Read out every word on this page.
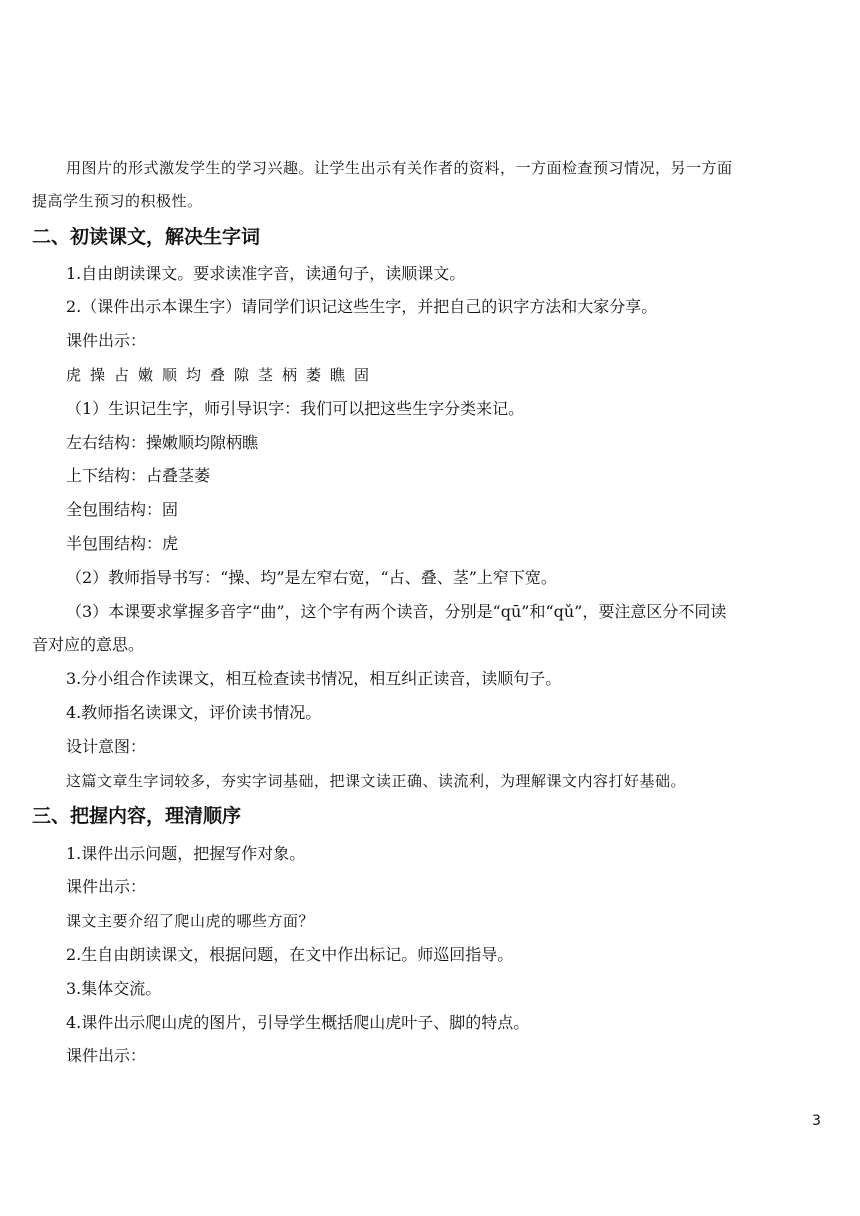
用图片的形式激发学生的学习兴趣。让学生出示有关作者的资料，一方面检查预习情况，另一方面
提高学生预习的积极性。
二、初读课文，解决生字词
1.自由朗读课文。要求读准字音，读通句子，读顺课文。
2.（课件出示本课生字）请同学们识记这些生字，并把自己的识字方法和大家分享。
课件出示：
虎操占嫩顺均叠隙茎柄萎瞧固
（1）生识记生字，师引导识字：我们可以把这些生字分类来记。
左右结构：操嫩顺均隙柄瞧
上下结构：占叠茎萎
全包围结构：固
半包围结构：虎
（2）教师指导书写：“操、均”是左窄右宽，“占、叠、茎”上窄下宽。
（3）本课要求掌握多音字“曲”，这个字有两个读音，分别是“qū”和“qǔ”，要注意区分不同读
音对应的意思。
3.分小组合作读课文，相互检查读书情况，相互纠正读音，读顺句子。
4.教师指名读课文，评价读书情况。
设计意图：
这篇文章生字词较多，夯实字词基础，把课文读正确、读流利，为理解课文内容打好基础。
三、把握内容，理清顺序
1.课件出示问题，把握写作对象。
课件出示：
课文主要介绍了爬山虎的哪些方面？
2.生自由朗读课文，根据问题，在文中作出标记。师巡回指导。
3.集体交流。
4.课件出示爬山虎的图片，引导学生概括爬山虎叶子、脚的特点。
课件出示：
3
